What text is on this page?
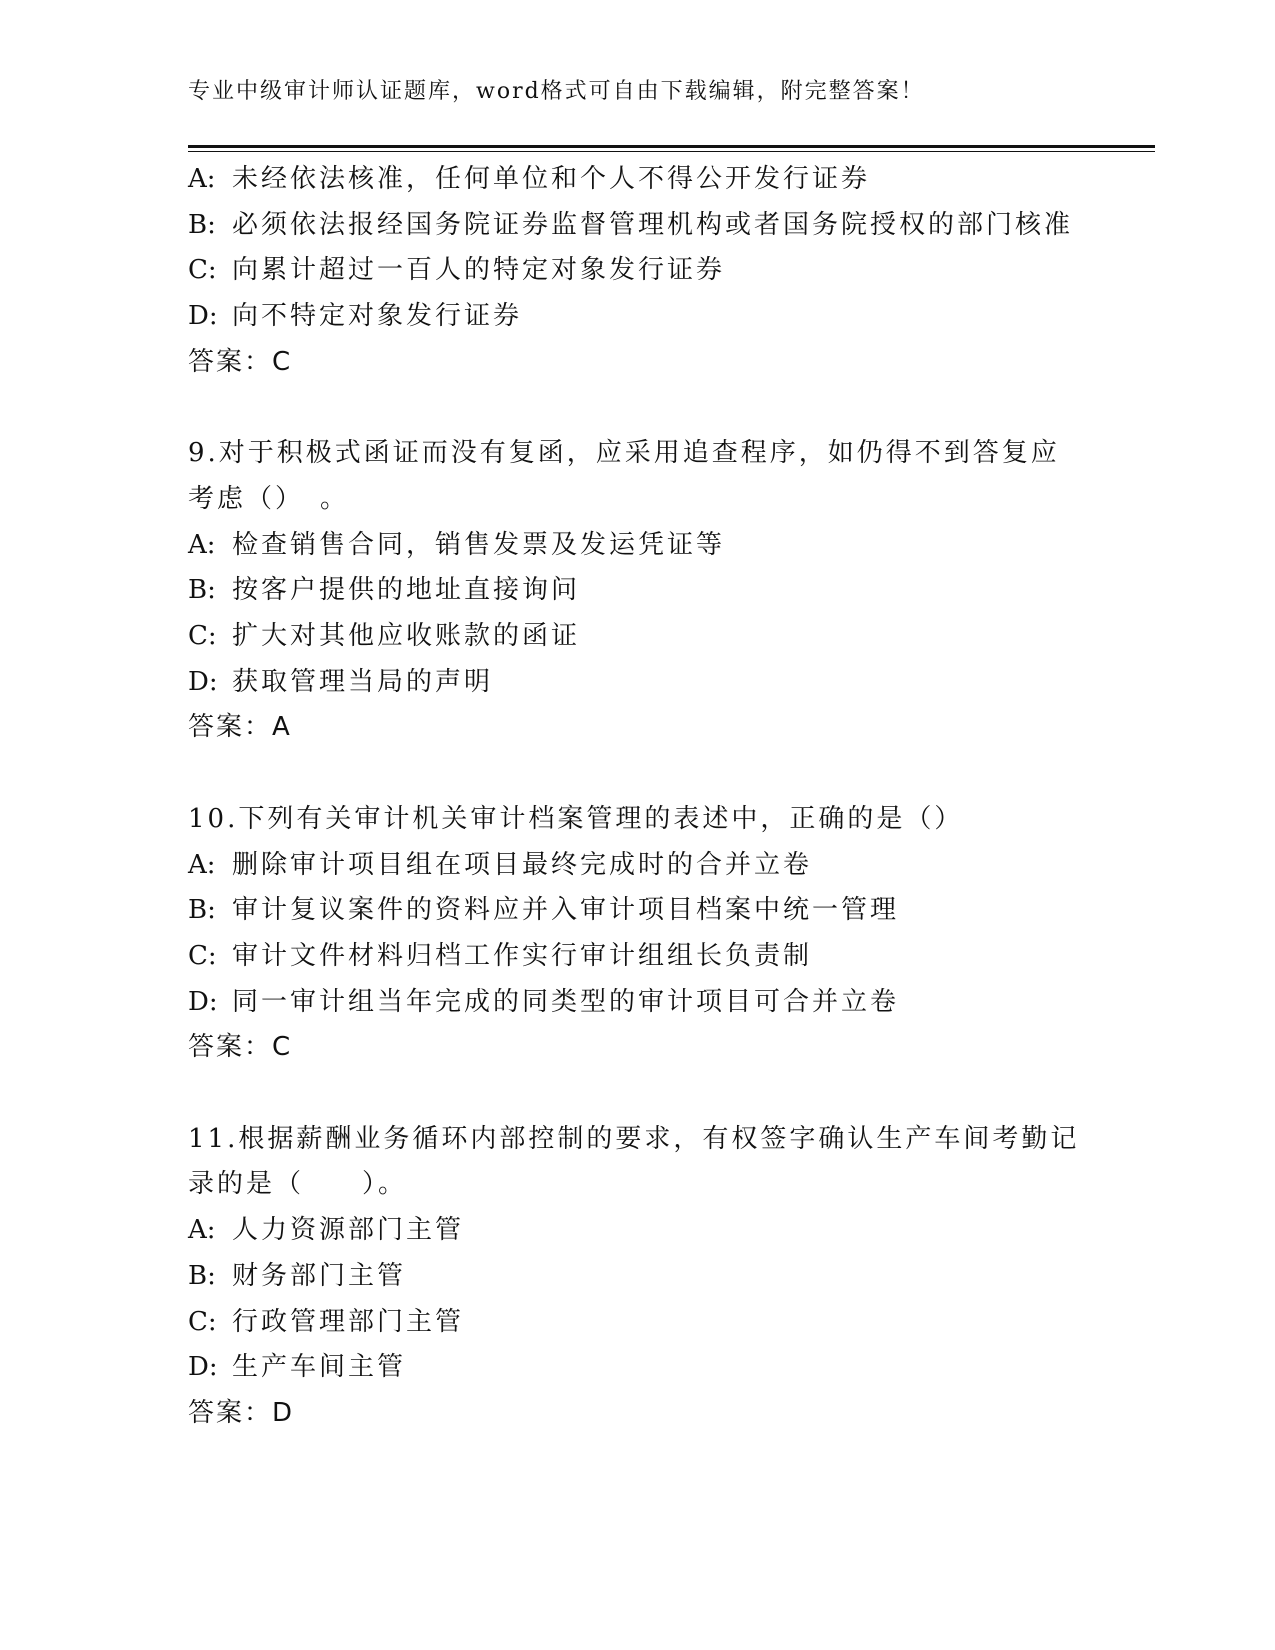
专业中级审计师认证题库，word格式可自由下载编辑，附完整答案！
A: 未经依法核准，任何单位和个人不得公开发行证券
B: 必须依法报经国务院证券监督管理机构或者国务院授权的部门核准
C: 向累计超过一百人的特定对象发行证券
D: 向不特定对象发行证券
答案：C
9.对于积极式函证而没有复函，应采用追查程序，如仍得不到答复应
考虑（）　。
A: 检查销售合同，销售发票及发运凭证等
B: 按客户提供的地址直接询问
C: 扩大对其他应收账款的函证
D: 获取管理当局的声明
答案：A
10.下列有关审计机关审计档案管理的表述中，正确的是（）
A: 删除审计项目组在项目最终完成时的合并立卷
B: 审计复议案件的资料应并入审计项目档案中统一管理
C: 审计文件材料归档工作实行审计组组长负责制
D: 同一审计组当年完成的同类型的审计项目可合并立卷
答案：C
11.根据薪酬业务循环内部控制的要求，有权签字确认生产车间考勤记
录的是（　　）。
A: 人力资源部门主管
B: 财务部门主管
C: 行政管理部门主管
D: 生产车间主管
答案：D
